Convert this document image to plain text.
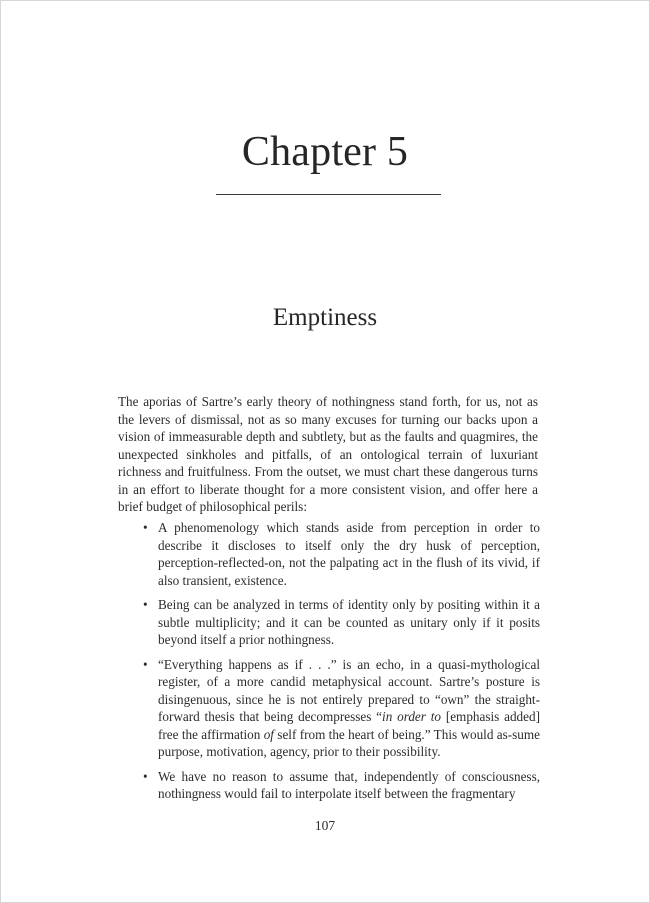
Chapter 5
Emptiness

The aporias of Sartre’s early theory of nothingness stand forth, for us, not as the levers of dismissal, not as so many excuses for turning our backs upon a vision of immeasurable depth and subtlety, but as the faults and quagmires, the unexpected sinkholes and pitfalls, of an ontological terrain of luxuriant richness and fruitfulness. From the outset, we must chart these dangerous turns in an effort to liberate thought for a more consistent vision, and offer here a brief budget of philosophical perils:

• A phenomenology which stands aside from perception in order to describe it discloses to itself only the dry husk of perception, perception-reflected-on, not the palpating act in the flush of its vivid, if also transient, existence.
• Being can be analyzed in terms of identity only by positing within it a subtle multiplicity; and it can be counted as unitary only if it posits beyond itself a prior nothingness.
• “Everything happens as if . . .” is an echo, in a quasi-mythological register, of a more candid metaphysical account. Sartre’s posture is disingenuous, since he is not entirely prepared to “own” the straight-forward thesis that being decompresses “in order to [emphasis added] free the affirmation of self from the heart of being.” This would as-sume purpose, motivation, agency, prior to their possibility.
• We have no reason to assume that, independently of consciousness, nothingness would fail to interpolate itself between the fragmentary
107
